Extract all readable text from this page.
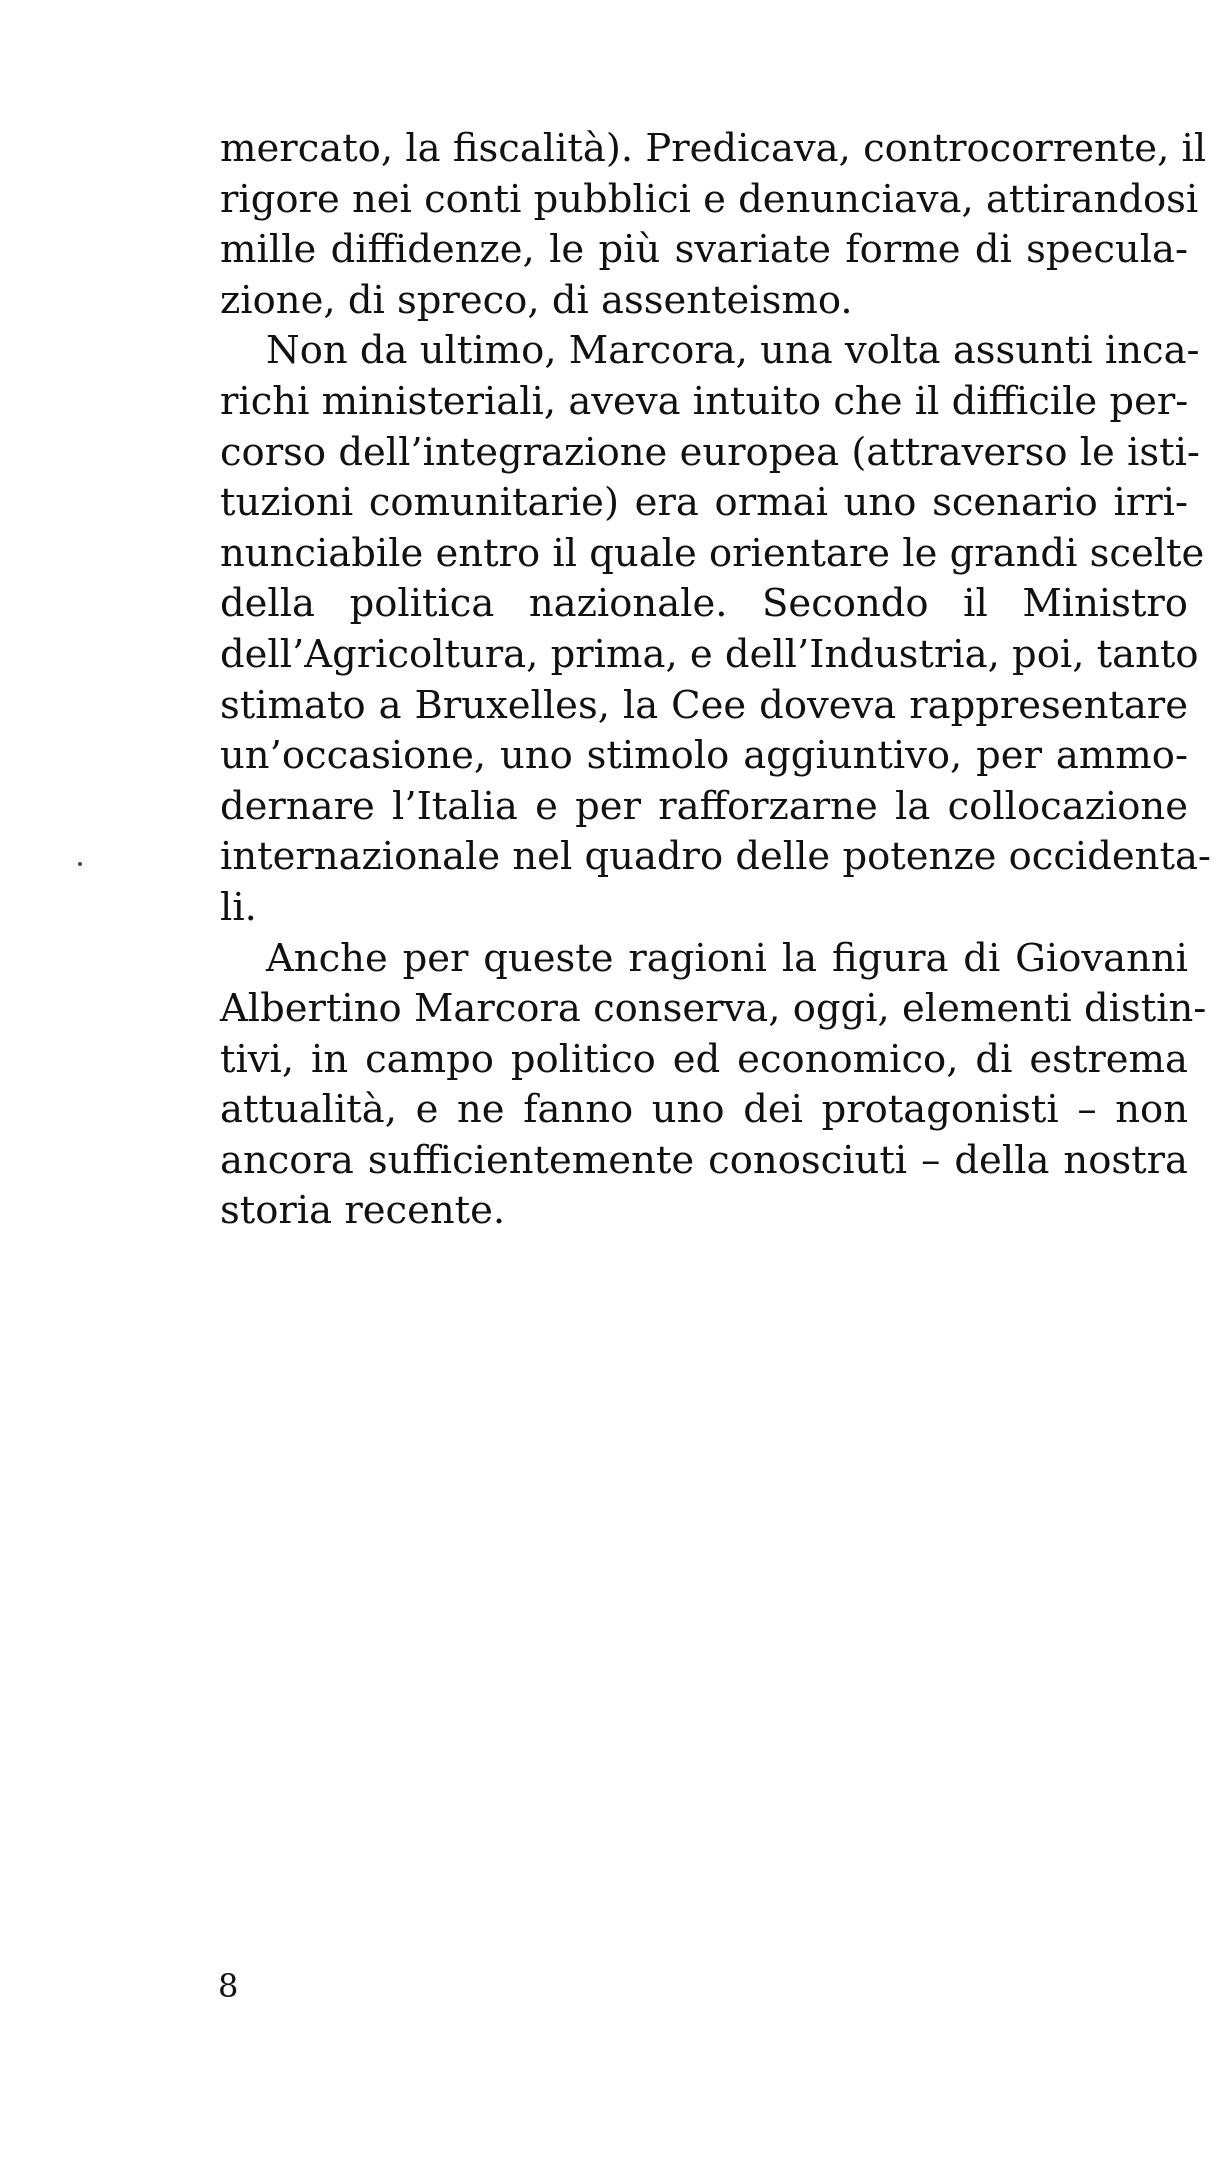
mercato, la fiscalità). Predicava, controcorrente, il
rigore nei conti pubblici e denunciava, attirandosi
mille diffidenze, le più svariate forme di specula-
zione, di spreco, di assenteismo.
Non da ultimo, Marcora, una volta assunti inca-
richi ministeriali, aveva intuito che il difficile per-
corso dell’integrazione europea (attraverso le isti-
tuzioni comunitarie) era ormai uno scenario irri-
nunciabile entro il quale orientare le grandi scelte
della politica nazionale. Secondo il Ministro
dell’Agricoltura, prima, e dell’Industria, poi, tanto
stimato a Bruxelles, la Cee doveva rappresentare
un’occasione, uno stimolo aggiuntivo, per ammo-
dernare l’Italia e per rafforzarne la collocazione
internazionale nel quadro delle potenze occidenta-
li.
Anche per queste ragioni la figura di Giovanni
Albertino Marcora conserva, oggi, elementi distin-
tivi, in campo politico ed economico, di estrema
attualità, e ne fanno uno dei protagonisti – non
ancora sufficientemente conosciuti – della nostra
storia recente.
8
